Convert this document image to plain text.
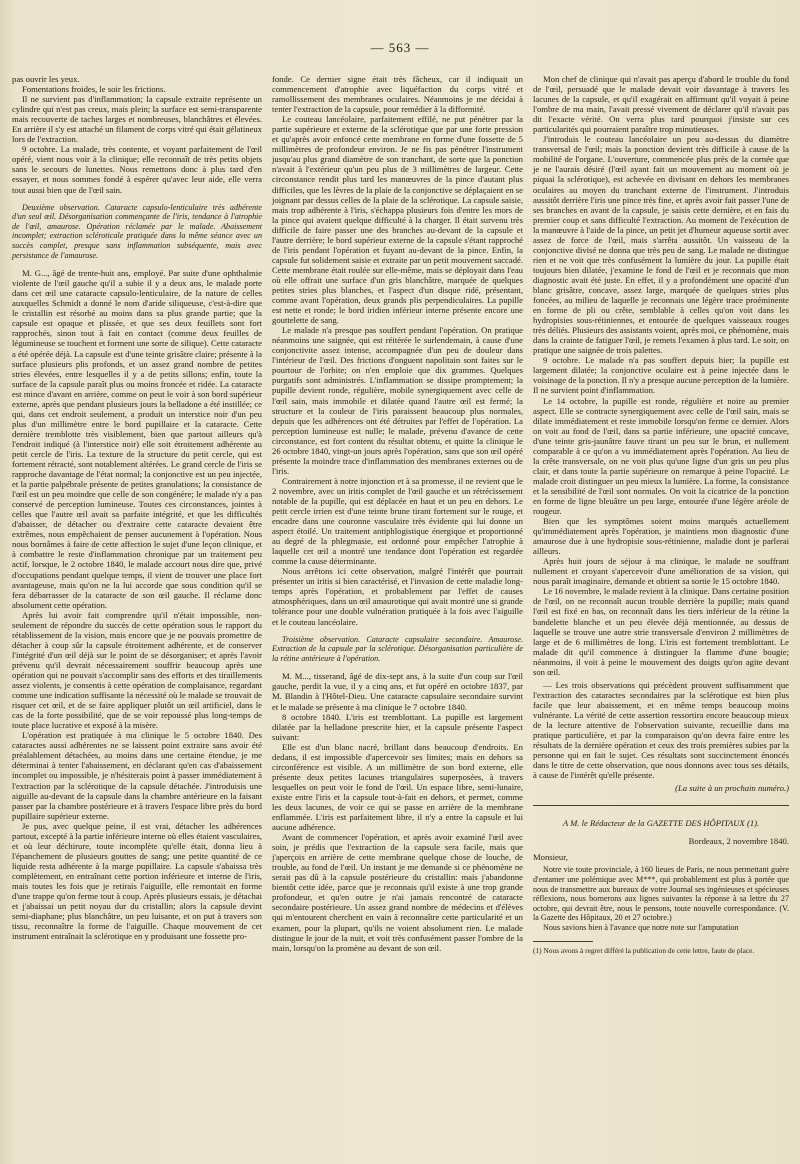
— 563 —

pas ouvrir les yeux.

Fomentations froides, le soir les frictions.

Il ne survient pas d'inflammation; la capsule extraite représente un cylindre qui n'est pas creux, mais plein; la surface est semi-transparente mais recouverte de taches larges et nombreuses, blanchâtres et élevées. En arrière il s'y est attaché un filament de corps vitré qui était gélatineux lors de l'extraction.

9 octobre. La malade, très contente, et voyant parfaitement de l'œil opéré, vient nous voir à la clinique; elle reconnaît de très petits objets sans le secours de lunettes. Nous remettons donc à plus tard d'en essayer, et nous sommes fondé à espérer qu'avec leur aide, elle verra tout aussi bien que de l'œil sain.

Deuxième observation. Cataracte capsulo-lenticulaire très adhérente d'un seul œil. Désorganisation commençante de l'iris, tendance à l'atrophie de l'œil, amaurose. Opération réclamée par le malade. Abaissement incomplet; extraction scléroticale pratiquée dans la même séance avec un succès complet, presque sans inflammation subséquente, mais avec persistance de l'amaurose.

M. G..., âgé de trente-huit ans, employé. Par suite d'une ophthalmie violente de l'œil gauche qu'il a subie il y a deux ans, le malade porte dans cet œil une cataracte capsulo-lenticulaire, de la nature de celles auxquelles Schmidt a donné le nom d'aride siliqueuse, c'est-à-dire que le cristallin est résorbé au moins dans sa plus grande partie; que la capsule est opaque et plissée, et que ses deux feuillets sont fort rapprochés, sinon tout à fait en contact (comme deux feuilles de légumineuse se touchent et forment une sorte de silique). Cette cataracte a été opérée déjà. La capsule est d'une teinte grisâtre claire; présente à la surface plusieurs plis profonds, et un assez grand nombre de petites stries élevées, entre lesquelles il y a de petits sillons; enfin, toute la surface de la capsule paraît plus ou moins froncée et ridée. La cataracte est mince d'avant en arrière, comme on peut le voir à son bord supérieur externe, après que pendant plusieurs jours la belladone a été instillée; ce qui, dans cet endroit seulement, a produit un interstice noir d'un peu plus d'un millimètre entre le bord pupillaire et la cataracte. Cette dernière tremblotte très visiblement, bien que partout ailleurs qu'à l'endroit indiqué (à l'interstice noir) elle soit étroitement adhérente au petit cercle de l'iris. La texture de la structure du petit cercle, qui est fortement rétracté, sont notablement altérées. Le grand cercle de l'iris se rapproche davantage de l'état normal; la conjonctive est un peu injectée, et la partie palpébrale présente de petites granulations; la consistance de l'œil est un peu moindre que celle de son congénère; le malade n'y a pas conservé de perception lumineuse. Toutes ces circonstances, jointes à celles que l'autre œil avait sa parfaite intégrité, et que les difficultés d'abaisser, de détacher ou d'extraire cette cataracte devaient être extrêmes, nous empêchaient de penser aucunement à l'opération. Nous nous bornâmes à faire de cette affection le sujet d'une leçon clinique, et à combattre le reste d'inflammation chronique par un traitement peu actif, lorsque, le 2 octobre 1840, le malade accourt nous dire que, privé d'occupations pendant quelque temps, il vient de trouver une place fort avantageuse, mais qu'on ne la lui accorde que sous condition qu'il se fera débarrasser de la cataracte de son œil gauche. Il réclame donc absolument cette opération.

Après lui avoir fait comprendre qu'il n'était impossible, non-seulement de répondre du succès de cette opération sous le rapport du rétablissement de la vision, mais encore que je ne pouvais promettre de détacher à coup sûr la capsule étroitement adhérente, et de conserver l'intégrité d'un œil déjà sur le point de se désorganiser; et après l'avoir prévenu qu'il devrait nécessairement souffrir beaucoup après une opération qui ne pouvait s'accomplir sans des efforts et des tiraillements assez violents, je consentis à cette opération de complaisance, regardant comme une indication suffisante la nécessité où le malade se trouvait de risquer cet œil, et de se faire appliquer plutôt un œil artificiel, dans le cas de la forte possibilité, que de se voir repoussé plus long-temps de toute place lucrative et exposé à la misère.

L'opération est pratiquée à ma clinique le 5 octobre 1840. Des cataractes aussi adhérentes ne se laissent point extraire sans avoir été préalablement détachées, au moins dans une certaine étendue, je me déterminai à tenter l'abaissement, en déclarant qu'en cas d'abaissement incomplet ou impossible, je n'hésiterais point à passer immédiatement à l'extraction par la sclérotique de la capsule détachée. J'introduisis une aiguille au-devant de la capsule dans la chambre antérieure en la faisant passer par la chambre postérieure et à travers l'espace libre près du bord pupillaire supérieur externe.

Je pus, avec quelque peine, il est vrai, détacher les adhérences partout, excepté à la partie inférieure interne où elles étaient vasculaires, et où leur déchirure, toute incomplète qu'elle était, donna lieu à l'épanchement de plusieurs gouttes de sang; une petite quantité de ce liquide resta adhérente à la marge pupillaire. La capsule s'abaissa très complètement, en entraînant cette portion inférieure et interne de l'iris, mais toutes les fois que je retirais l'aiguille, elle remontait en forme d'une trappe qu'on ferme tout à coup. Après plusieurs essais, je détachai et j'abaissai un petit noyau dur du cristallin; alors la capsule devint semi-diaphane; plus blanchâtre, un peu luisante, et on put à travers son tissu, reconnaître la forme de l'aiguille. Chaque mouvement de cet instrument entraînait la sclérotique en y produisant une fossette pro-

fonde. Ce dernier signe était très fâcheux, car il indiquait un commencement d'atrophie avec liquéfaction du corps vitré et ramollissement des membranes oculaires. Néanmoins je me décidai à tenter l'extraction de la capsule, pour remédier à la difformité.

Le couteau lancéolaire, parfaitement effilé, ne put pénétrer par la partie supérieure et externe de la sclérotique que par une forte pression et qu'après avoir enfoncé cette membrane en forme d'une fossette de 5 millimètres de profondeur environ. Je ne fis pas pénétrer l'instrument jusqu'au plus grand diamètre de son tranchant, de sorte que la ponction n'avait à l'extérieur qu'un peu plus de 3 millimètres de largeur. Cette circonstance rendit plus tard les manœuvres de la pince d'autant plus difficiles, que les lèvres de la plaie de la conjonctive se déplaçaient en se joignant par dessus celles de la plaie de la sclérotique. La capsule saisie, mais trop adhérente à l'iris, s'échappa plusieurs fois d'entre les mors de la pince qui avaient quelque difficulté à la charger. Il était survenu très difficile de faire passer une des branches au-devant de la capsule et l'autre derrière; le bord supérieur externe de la capsule s'étant rapproché de l'iris pendant l'opération et fuyant au-devant de la pince. Enfin, la capsule fut solidement saisie et extraite par un petit mouvement saccadé. Cette membrane était roulée sur elle-même, mais se déployait dans l'eau où elle offrait une surface d'un gris blanchâtre, marquée de quelques petites stries plus blanches, et l'aspect d'un disque ridé, présentant, comme avant l'opération, deux grands plis perpendiculaires. La pupille est nette et ronde; le bord iridien inférieur interne présente encore une gouttelette de sang.

Le malade n'a presque pas souffert pendant l'opération. On pratique néanmoins une saignée, qui est réitérée le surlendemain, à cause d'une conjonctivite assez intense, accompagnée d'un peu de douleur dans l'intérieur de l'œil. Des frictions d'onguent napolitain sont faites sur le pourtour de l'orbite; on n'en emploie que dix grammes. Quelques purgatifs sont administrés. L'inflammation se dissipe promptement; la pupille devient ronde, régulière, mobile synergiquement avec celle de l'œil sain, mais immobile et dilatée quand l'autre œil est fermé; la structure et la couleur de l'iris paraissent beaucoup plus normales, depuis que les adhérences ont été détruites par l'effet de l'opération. La perception lumineuse est nulle; le malade, prévenu d'avance de cette circonstance, est fort content du résultat obtenu, et quitte la clinique le 26 octobre 1840, vingt-un jours après l'opération, sans que son œil opéré présente la moindre trace d'inflammation des membranes externes ou de l'iris.

Contrairement à notre injonction et à sa promesse, il ne revient que le 2 novembre, avec un iritis complet de l'œil gauche et un rétrécissement notable de la pupille, qui est déplacée en haut et un peu en dehors. Le petit cercle irrien est d'une teinte brune tirant fortement sur le rouge, et encadre dans une couronne vasculaire très évidente qui lui donne un aspect étoilé. Un traitement antiphlogistique énergique et proportionné au degré de la phlegmasie, est ordonné pour empêcher l'atrophie à laquelle cet œil a montré une tendance dont l'opération est regardée comme la cause déterminante.

Nous arrêtons ici cette observation, malgré l'intérêt que pourrait présenter un iritis si bien caractérisé, et l'invasion de cette maladie long-temps après l'opération, et probablement par l'effet de causes atmosphériques, dans un œil amaurotique qui avait montré une si grande tolérance pour une double vulnération pratiquée à la fois avec l'aiguille et le couteau lancéolaire.

Troisième observation. Cataracte capsulaire secondaire. Amaurose. Extraction de la capsule par la sclérotique. Désorganisation particulière de la rétine antérieure à l'opération.

M. M..., tisserand, âgé de dix-sept ans, à la suite d'un coup sur l'œil gauche, perdit la vue, il y a cinq ans, et fut opéré en octobre 1837, par M. Blandin à l'Hôtel-Dieu. Une cataracte capsulaire secondaire survint et le malade se présente à ma clinique le 7 octobre 1840.

8 octobre 1840. L'iris est tremblottant. La pupille est largement dilatée par la belladone prescrite hier, et la capsule présente l'aspect suivant:

Elle est d'un blanc nacré, brillant dans beaucoup d'endroits. En dedans, il est impossible d'apercevoir ses limites; mais en dehors sa circonférence est visible. A un millimètre de son bord externe, elle présente deux petites lacunes triangulaires superposées, à travers lesquelles on peut voir le fond de l'œil. Un espace libre, semi-lunaire, existe entre l'iris et la capsule tout-à-fait en dehors, et permet, comme les deux lacunes, de voir ce qui se passe en arrière de la membrane enflammée. L'iris est parfaitement libre, il n'y a entre la capsule et lui aucune adhérence.

Avant de commencer l'opération, et après avoir examiné l'œil avec soin, je prédis que l'extraction de la capsule sera facile, mais que j'aperçois en arrière de cette membrane quelque chose de louche, de trouble, au fond de l'œil. Un instant je me demande si ce phénomène ne serait pas dû à la capsule postérieure du cristallin: mais j'abandonne bientôt cette idée, parce que je reconnais qu'il existe à une trop grande profondeur, et qu'en outre je n'ai jamais rencontré de cataracte secondaire postérieure. Un assez grand nombre de médecins et d'élèves qui m'entourent cherchent en vain à reconnaître cette particularité et un examen, pour la plupart, qu'ils ne voient absolument rien. Le malade distingue le jour de la nuit, et voit très confusément passer l'ombre de la main, lorsqu'on la promène au devant de son œil.

Mon chef de clinique qui n'avait pas aperçu d'abord le trouble du fond de l'œil, persuadé que le malade devait voir davantage à travers les lacunes de la capsule, et qu'il exagérait en affirmant qu'il voyait à peine l'ombre de ma main, l'avait pressé vivement de déclarer qu'il n'avait pas dit l'exacte vérité. On verra plus tard pourquoi j'insiste sur ces particularités qui pourraient paraître trop minutieuses.

J'introduis le couteau lancéolaire un peu au-dessus du diamètre transversal de l'œil; mais la ponction devient très difficile à cause de la mobilité de l'organe. L'ouverture, commencée plus près de la cornée que je ne l'aurais désiré (l'œil ayant fait un mouvement au moment où je piquai la sclérotique), est achevée en divisant en dehors les membranes oculaires au moyen du tranchant externe de l'instrument. J'introduis aussitôt derrière l'iris une pince très fine, et après avoir fait passer l'une de ses branches en avant de la capsule, je saisis cette dernière, et en fais du premier coup et sans difficulté l'extraction. Au moment de l'exécution de la manœuvre à l'aide de la pince, un petit jet d'humeur aqueuse sortit avec assez de force de l'œil, mais s'arrêta aussitôt. Un vaisseau de la conjonctive divisé ne donna que très peu de sang. Le malade ne distingue rien et ne voit que très confusément la lumière du jour. La pupille était toujours bien dilatée, j'examine le fond de l'œil et je reconnais que mon diagnostic avait été juste. En effet, il y a profondément une opacité d'un blanc grisâtre, concave, assez large, marquée de quelques stries plus foncées, au milieu de laquelle je reconnais une légère trace proéminente en forme de pli ou crête, semblable à celles qu'on voit dans les hydropisies sous-rétiniennes, et entourée de quelques vaisseaux rouges très déliés. Plusieurs des assistants voient, après moi, ce phénomène, mais dans la crainte de fatiguer l'œil, je remets l'examen à plus tard. Le soir, on pratique une saignée de trois palettes.

9 octobre. Le malade n'a pas souffert depuis hier; la pupille est largement dilatée; la conjonctive oculaire est à peine injectée dans le voisinage de la ponction. Il n'y a presque aucune perception de la lumière. Il ne survient point d'inflammation.

Le 14 octobre, la pupille est ronde, régulière et noire au premier aspect. Elle se contracte synergiquement avec celle de l'œil sain, mais se dilate immédiatement et reste immobile lorsqu'on ferme ce dernier. Alors on voit au fond de l'œil, dans sa partie inférieure, une opacité concave, d'une teinte gris-jaunâtre fauve tirant un peu sur le brun, et nullement comparable à ce qu'on a vu immédiatement après l'opération. Au lieu de la crête transversale, on ne voit plus qu'une ligne d'un gris un peu plus clair, et dans toute la partie supérieure on remarque à peine l'opacité. Le malade croit distinguer un peu mieux la lumière. La forme, la consistance et la sensibilité de l'œil sont normales. On voit la cicatrice de la ponction en forme de ligne bleuâtre un peu large, entourée d'une légère aréole de rougeur.

Bien que les symptômes soient moins marqués actuellement qu'immédiatement après l'opération, je maintiens mon diagnostic d'une amaurose due à une hydropisie sous-rétinienne, maladie dont je parlerai ailleurs.

Après huit jours de séjour à ma clinique, le malade ne souffrant nullement et croyant s'apercevoir d'une amélioration de sa vision, qui nous paraît imaginaire, demande et obtient sa sortie le 15 octobre 1840.

Le 16 novembre, le malade revient à la clinique. Dans certaine position de l'œil, on ne reconnaît aucun trouble derrière la pupille; mais quand l'œil est fixé en bas, on reconnaît dans les tiers inférieur de la rétine la bandelette blanche et un peu élevée déjà mentionnée, au dessus de laquelle se trouve une autre strie transversale d'environ 2 millimètres de large et de 6 millimètres de long. L'iris est fortement tremblottant. Le malade dit qu'il commence à distinguer la flamme d'une bougie; néanmoins, il voit à peine le mouvement des doigts qu'on agite devant son œil.

— Les trois observations qui précèdent prouvent suffisamment que l'extraction des cataractes secondaires par la sclérotique est bien plus facile que leur abaissement, et en même temps beaucoup moins vulnérante. La vérité de cette assertion ressortira encore beaucoup mieux de la lecture attentive de l'observation suivante, recueillie dans ma pratique particulière, et par la comparaison qu'on devra faire entre les résultats de la dernière opération et ceux des trois premières subies par la personne qui en fait le sujet. Ces résultats sont succinctement énoncés dans le titre de cette observation, que nous donnons avec tous ses détails, à cause de l'intérêt qu'elle présente.

(La suite à un prochain numéro.)

A M. le Rédacteur de la GAZETTE DES HÔPITAUX (1).

Bordeaux, 2 novembre 1840.

Monsieur,

Notre vie toute provinciale, à 160 lieues de Paris, ne nous permettant guère d'entamer une polémique avec M***, qui probablement est plus à portée que nous de transmettre aux bureaux de votre Journal ses ingénieuses et spécieuses réflexions, nous bornerons aux lignes suivantes la réponse à sa lettre du 27 octobre, qui devrait être, nous le pensons, toute nouvelle correspondance. (V. la Gazette des Hôpitaux, 20 et 27 octobre.)

Nous savions bien à l'avance que notre note sur l'amputation

(1) Nous avons à regret différé la publication de cette lettre, faute de place.
